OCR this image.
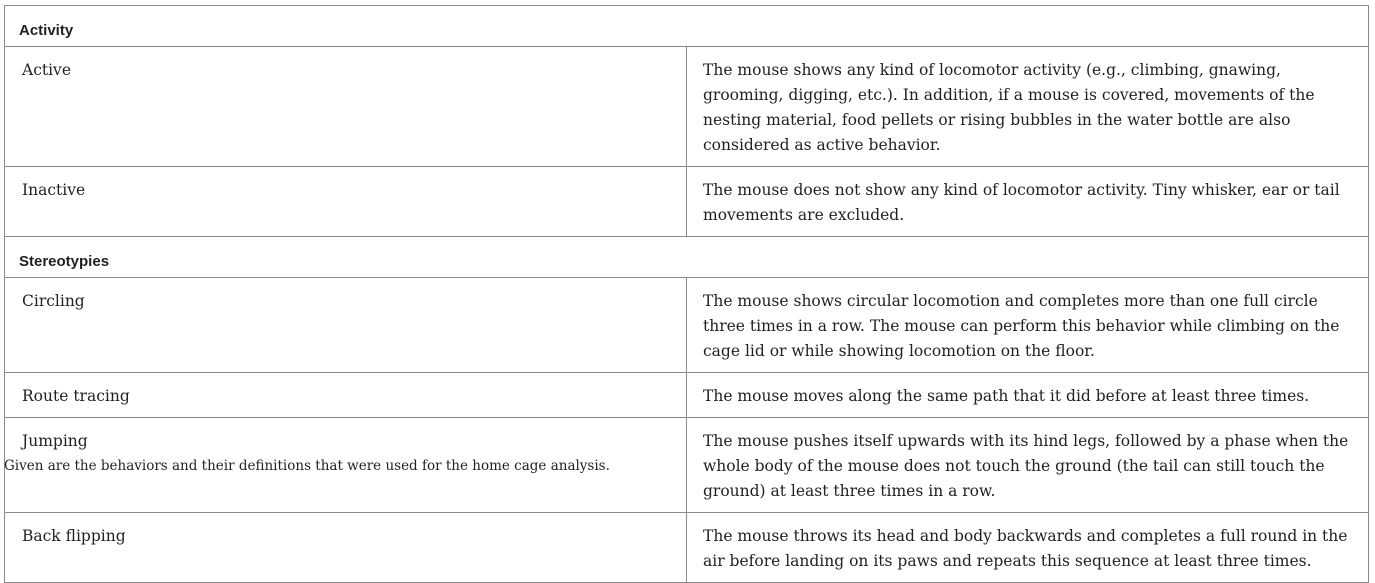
Activity	
Active	The mouse shows any kind of locomotor activity (e.g., climbing, gnawing, grooming, digging, etc.). In addition, if a mouse is covered, movements of the nesting material, food pellets or rising bubbles in the water bottle are also considered as active behavior.
Inactive	The mouse does not show any kind of locomotor activity. Tiny whisker, ear or tail movements are excluded.
Stereotypies	
Circling	The mouse shows circular locomotion and completes more than one full circle three times in a row. The mouse can perform this behavior while climbing on the cage lid or while showing locomotion on the floor.
Route tracing	The mouse moves along the same path that it did before at least three times.
Jumping	The mouse pushes itself upwards with its hind legs, followed by a phase when the whole body of the mouse does not touch the ground (the tail can still touch the ground) at least three times in a row.
Back flipping	The mouse throws its head and body backwards and completes a full round in the air before landing on its paws and repeats this sequence at least three times.
Given are the behaviors and their definitions that were used for the home cage analysis.
